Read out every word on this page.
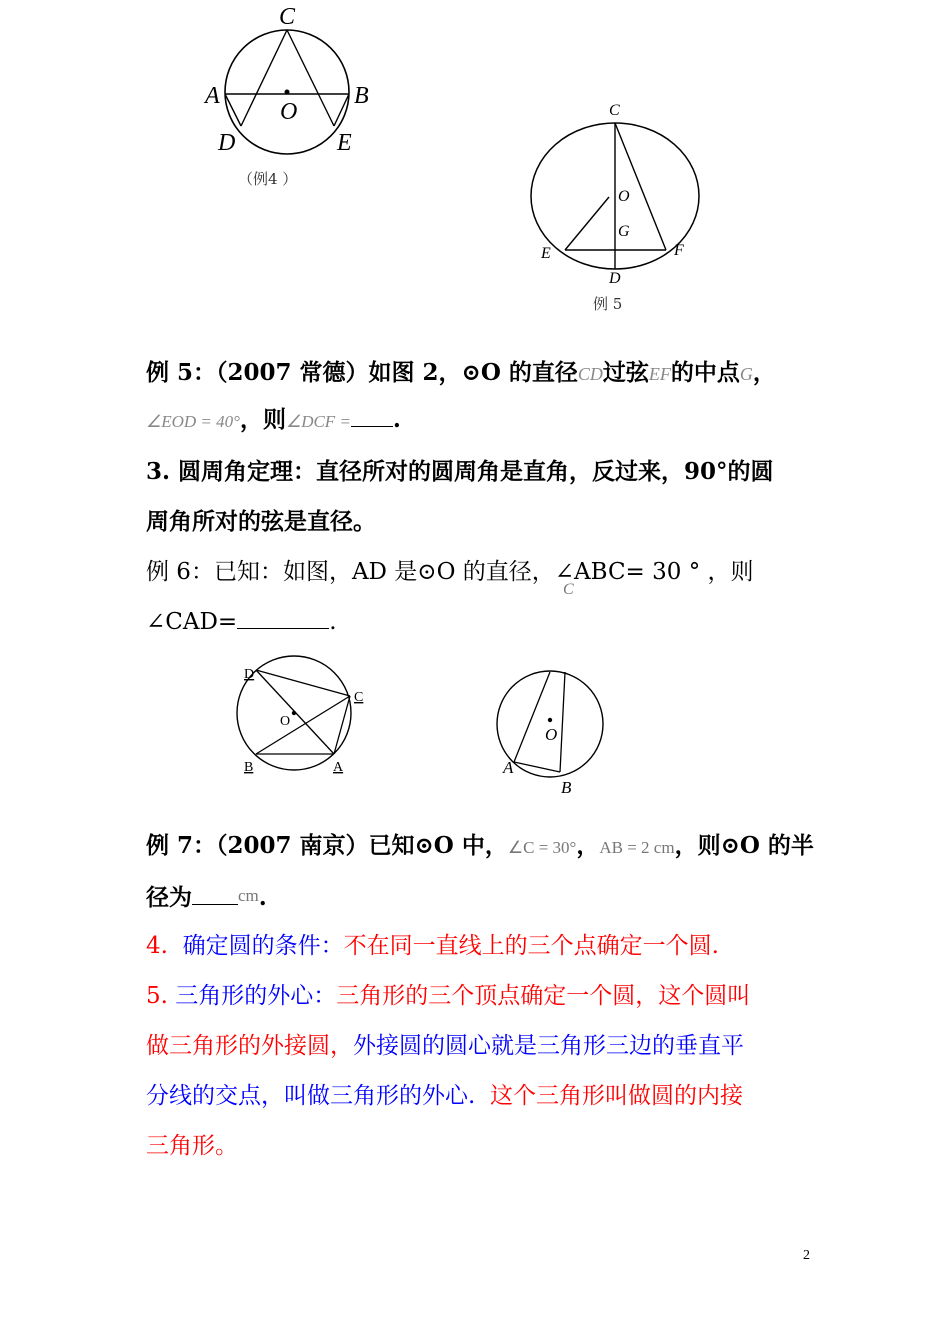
C
A	B
O
D	E
（例4 ）
C
O
G
E	F
D
例 5
例 5：（2007 常德）如图 2，⊙O 的直径CD过弦EF的中点G，
∠EOD = 40°，则∠DCF = .
3. 圆周角定理：直径所对的圆周角是直角，反过来，90°的圆
周角所对的弦是直径。
例 6：已知：如图，AD 是⊙O 的直径，∠ABC= 30 ° ，则
C
∠CAD=	.
D
C
O
B	A
O
A
B
例 7：（2007 南京）已知⊙O 中，∠C = 30°，AB = 2 cm，则⊙O 的半
径为	cm.
4. 确定圆的条件：不在同一直线上的三个点确定一个圆.
5. 三角形的外心：三角形的三个顶点确定一个圆，这个圆叫
做三角形的外接圆，外接圆的圆心就是三角形三边的垂直平
分线的交点，叫做三角形的外心. 这个三角形叫做圆的内接
三角形。
2
